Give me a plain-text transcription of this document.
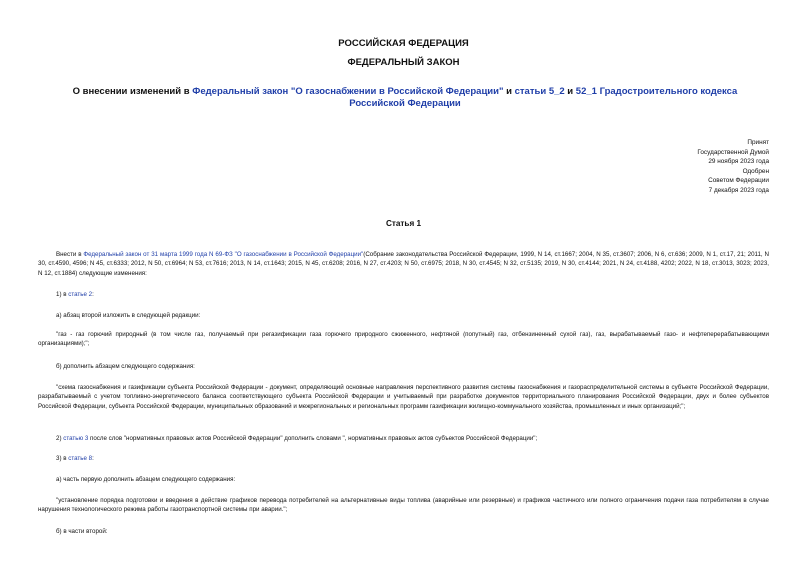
РОССИЙСКАЯ ФЕДЕРАЦИЯ
ФЕДЕРАЛЬНЫЙ ЗАКОН
О внесении изменений в Федеральный закон "О газоснабжении в Российской Федерации" и статьи 5_2 и 52_1 Градостроительного кодекса Российской Федерации
Принят
Государственной Думой
29 ноября 2023 года
Одобрен
Советом Федерации
7 декабря 2023 года
Статья 1
Внести в Федеральный закон от 31 марта 1999 года N 69-ФЗ "О газоснабжении в Российской Федерации"(Собрание законодательства Российской Федерации, 1999, N 14, ст.1667; 2004, N 35, ст.3607; 2006, N 6, ст.636; 2009, N 1, ст.17, 21; 2011, N 30, ст.4590, 4596; N 45, ст.6333; 2012, N 50, ст.6964; N 53, ст.7616; 2013, N 14, ст.1643; 2015, N 45, ст.6208; 2016, N 27, ст.4203; N 50, ст.6975; 2018, N 30, ст.4545; N 32, ст.5135; 2019, N 30, ст.4144; 2021, N 24, ст.4188, 4202; 2022, N 18, ст.3013, 3023; 2023, N 12, ст.1884) следующие изменения:
1) в статье 2:
а) абзац второй изложить в следующей редакции:
"газ - газ горючий природный (в том числе газ, получаемый при регазификации газа горючего природного сжиженного, нефтяной (попутный) газ, отбензиненный сухой газ), газ, вырабатываемый газо- и нефтеперерабатывающими организациями);";
б) дополнить абзацем следующего содержания:
"схема газоснабжения и газификации субъекта Российской Федерации - документ, определяющий основные направления перспективного развития системы газоснабжения и газораспределительной системы в субъекте Российской Федерации, разрабатываемый с учетом топливно-энергетического баланса соответствующего субъекта Российской Федерации и учитываемый при разработке документов территориального планирования Российской Федерации, двух и более субъектов Российской Федерации, субъекта Российской Федерации, муниципальных образований и межрегиональных и региональных программ газификации жилищно-коммунального хозяйства, промышленных и иных организаций;";
2) статью 3 после слов "нормативных правовых актов Российской Федерации" дополнить словами ", нормативных правовых актов субъектов Российской Федерации";
3) в статье 8:
а) часть первую дополнить абзацем следующего содержания:
"установление порядка подготовки и введения в действие графиков перевода потребителей на альтернативные виды топлива (аварийные или резервные) и графиков частичного или полного ограничения подачи газа потребителям в случае нарушения технологического режима работы газотранспортной системы при аварии.";
б) в части второй:
